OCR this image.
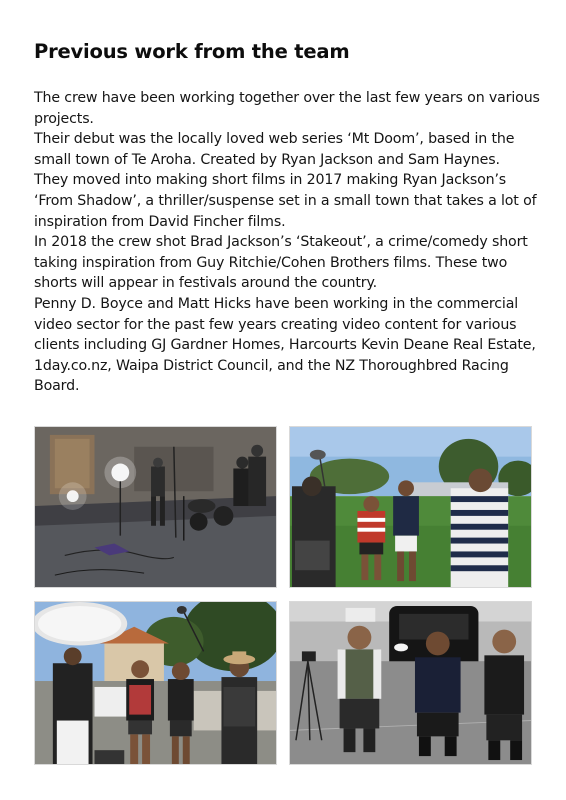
Previous work from the team

The crew have been working together over the last few years on various projects.

Their debut was the locally loved web series ‘Mt Doom’, based in the small town of Te Aroha. Created by Ryan Jackson and Sam Haynes.

They moved into making short films in 2017 making Ryan Jackson’s ‘From Shadow’, a thriller/suspense set in a small town that takes a lot of inspiration from David Fincher films.

In 2018 the crew shot Brad Jackson’s ‘Stakeout’, a crime/comedy short taking inspiration from Guy Ritchie/Cohen Brothers films. These two shorts will appear in festivals around the country.

Penny D. Boyce and Matt Hicks have been working in the commercial video sector for the past few years creating video content for various clients including GJ Gardner Homes, Harcourts Kevin Deane Real Estate, 1day.co.nz, Waipa District Council, and the NZ Thoroughbred Racing Board.
